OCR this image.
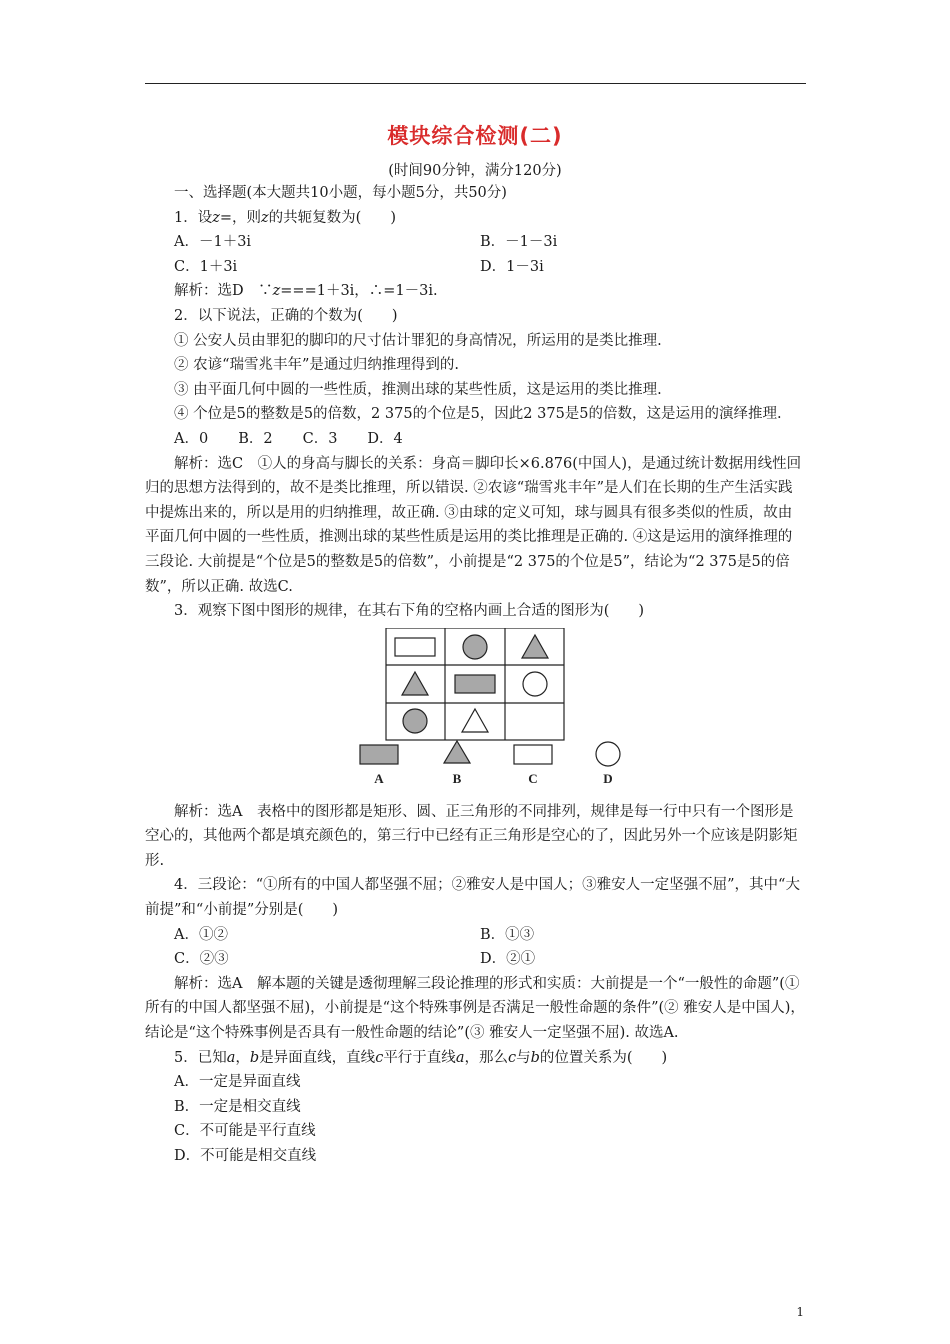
模块综合检测(二)
(时间90分钟，满分120分)

一、选择题(本大题共10小题，每小题5分，共50分)

1．设z=，则z的共轭复数为(　　)

A．－1＋3i	B．－1－3i
C．1＋3i	D．1－3i

解析：选D　∵z===1＋3i，∴=1－3i.

2．以下说法，正确的个数为(　　)

① 公安人员由罪犯的脚印的尺寸估计罪犯的身高情况，所运用的是类比推理.

② 农谚“瑞雪兆丰年”是通过归纳推理得到的.

③ 由平面几何中圆的一些性质，推测出球的某些性质，这是运用的类比推理.

④ 个位是5的整数是5的倍数，2 375的个位是5，因此2 375是5的倍数，这是运用的演绎推理.

A．0 B．2 C．3 D．4

解析：选C　①人的身高与脚长的关系：身高＝脚印长×6.876(中国人)，是通过统计数据用线性回归的思想方法得到的，故不是类比推理，所以错误. ②农谚“瑞雪兆丰年”是人们在长期的生产生活实践中提炼出来的，所以是用的归纳推理，故正确. ③由球的定义可知，球与圆具有很多类似的性质，故由平面几何中圆的一些性质，推测出球的某些性质是运用的类比推理是正确的. ④这是运用的演绎推理的三段论. 大前提是“个位是5的整数是5的倍数”，小前提是“2 375的个位是5”，结论为“2 375是5的倍数”，所以正确. 故选C.

3．观察下图中图形的规律，在其右下角的空格内画上合适的图形为(　　)

A	B	C	D

解析：选A　表格中的图形都是矩形、圆、正三角形的不同排列，规律是每一行中只有一个图形是空心的，其他两个都是填充颜色的，第三行中已经有正三角形是空心的了，因此另外一个应该是阴影矩形.

4．三段论：“①所有的中国人都坚强不屈；②雅安人是中国人；③雅安人一定坚强不屈”，其中“大前提”和“小前提”分别是(　　)

A．①②	B．①③
C．②③	D．②①

解析：选A　解本题的关键是透彻理解三段论推理的形式和实质：大前提是一个“一般性的命题”(① 所有的中国人都坚强不屈)，小前提是“这个特殊事例是否满足一般性命题的条件”(② 雅安人是中国人)，结论是“这个特殊事例是否具有一般性命题的结论”(③ 雅安人一定坚强不屈). 故选A.

5．已知a，b是异面直线，直线c平行于直线a，那么c与b的位置关系为(　　)

A．一定是异面直线

B．一定是相交直线

C．不可能是平行直线

D．不可能是相交直线

1
